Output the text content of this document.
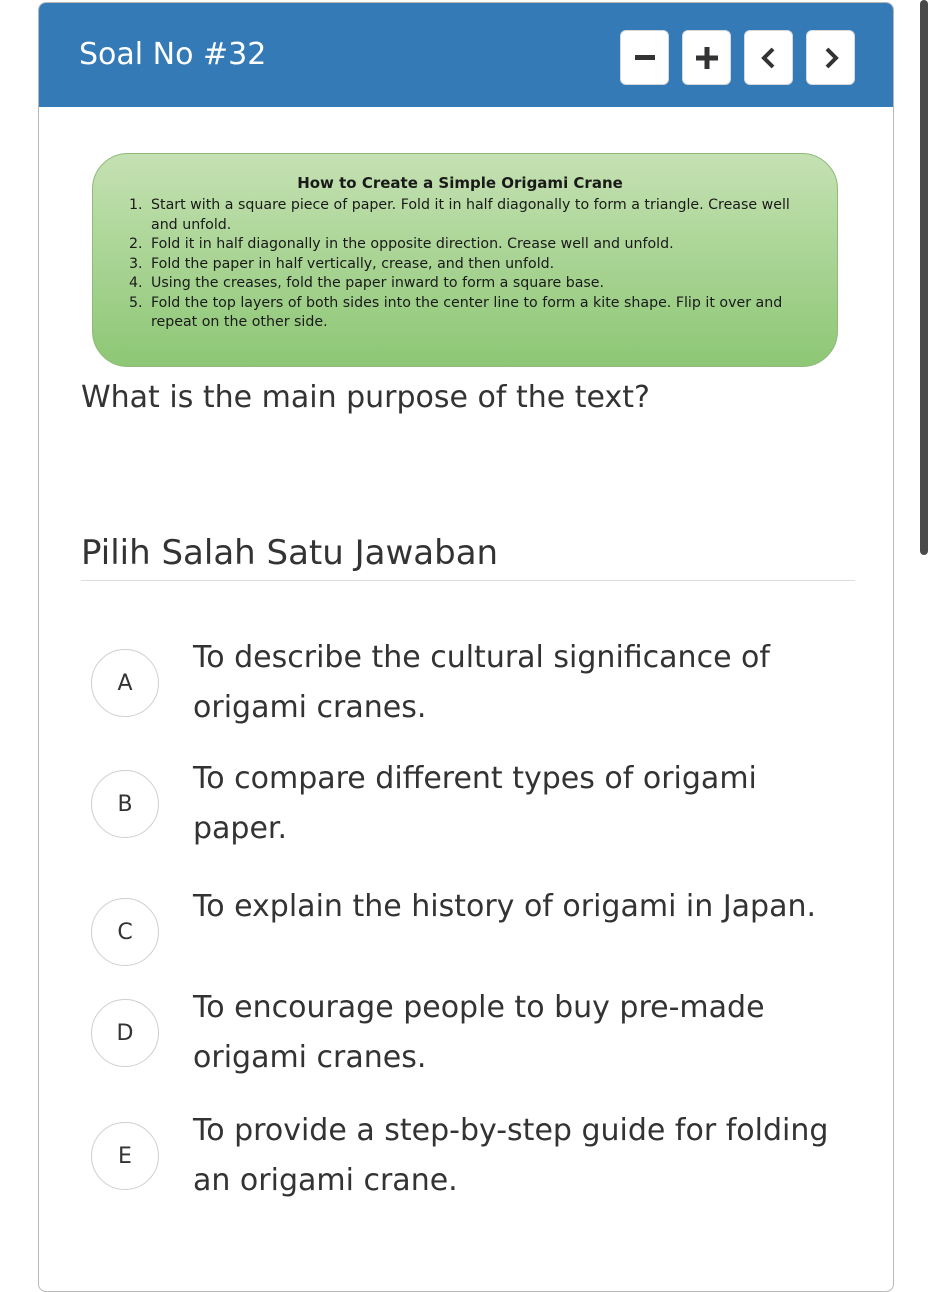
Soal No #32
How to Create a Simple Origami Crane
1. Start with a square piece of paper. Fold it in half diagonally to form a triangle. Crease well and unfold.
2. Fold it in half diagonally in the opposite direction. Crease well and unfold.
3. Fold the paper in half vertically, crease, and then unfold.
4. Using the creases, fold the paper inward to form a square base.
5. Fold the top layers of both sides into the center line to form a kite shape. Flip it over and repeat on the other side.
What is the main purpose of the text?
Pilih Salah Satu Jawaban
A
To describe the cultural significance of origami cranes.
B
To compare different types of origami paper.
C
To explain the history of origami in Japan.
D
To encourage people to buy pre-made origami cranes.
E
To provide a step-by-step guide for folding an origami crane.
